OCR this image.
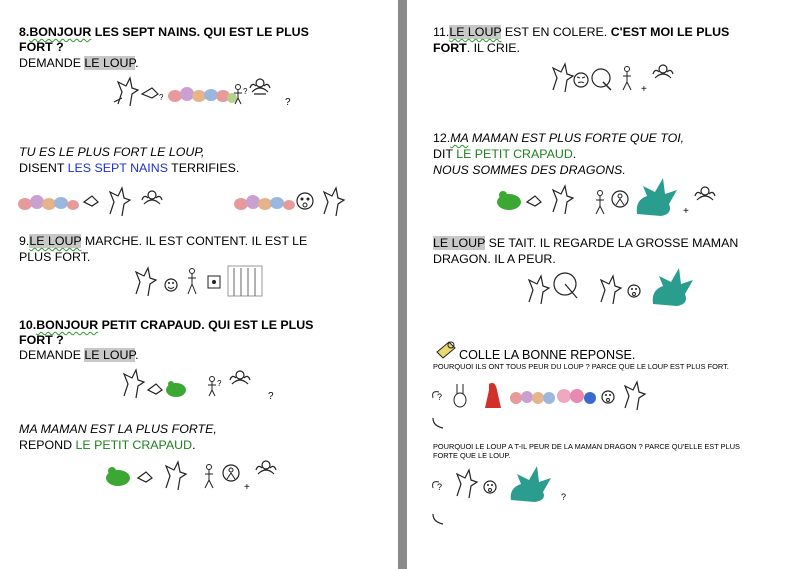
8.BONJOUR LES SEPT NAINS. QUI EST LE PLUS
FORT ?
DEMANDE LE LOUP.
?
?
?
TU ES LE PLUS FORT LE LOUP,
DISENT LES SEPT NAINS TERRIFIES.
9.LE LOUP MARCHE. IL EST CONTENT. IL EST LE
PLUS FORT.
10.BONJOUR PETIT CRAPAUD. QUI EST LE PLUS
FORT ?
DEMANDE LE LOUP.
?
?
MA MAMAN EST LA PLUS FORTE,
REPOND LE PETIT CRAPAUD.
+
11.LE LOUP EST EN COLERE. C'EST MOI LE PLUS
FORT. IL CRIE.
+
12.MA MAMAN EST PLUS FORTE QUE TOI,
DIT LE PETIT CRAPAUD.
NOUS SOMMES DES DRAGONS.
+
LE LOUP SE TAIT. IL REGARDE LA GROSSE MAMAN
DRAGON. IL A PEUR.
COLLE LA BONNE REPONSE.
POURQUOI ILS ONT TOUS PEUR DU LOUP ? PARCE QUE LE LOUP EST PLUS FORT.
?
POURQUOI LE LOUP A T-IL PEUR DE LA MAMAN DRAGON ? PARCE QU'ELLE EST PLUS
FORTE QUE LE LOUP.
?
?
